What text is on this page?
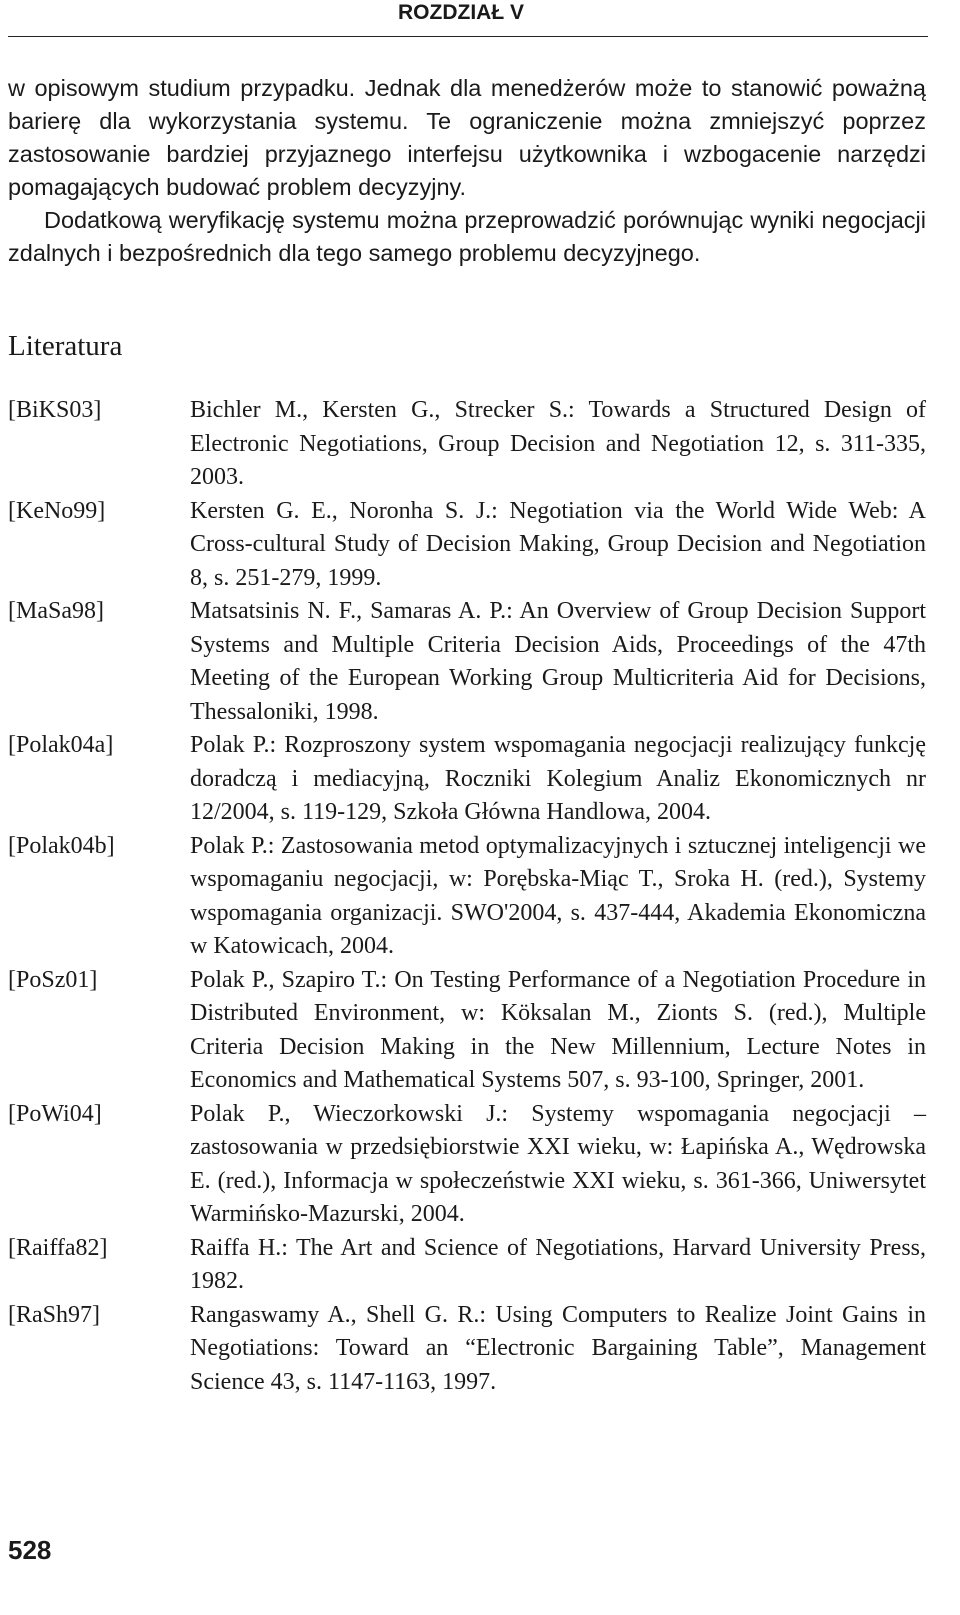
ROZDZIAŁ V

w opisowym studium przypadku. Jednak dla menedżerów może to stanowić poważną barierę dla wykorzystania systemu. Te ograniczenie można zmniejszyć poprzez zastosowanie bardziej przyjaznego interfejsu użytkownika i wzbogacenie narzędzi pomagających budować problem decyzyjny.

Dodatkową weryfikację systemu można przeprowadzić porównując wyniki negocjacji zdalnych i bezpośrednich dla tego samego problemu decyzyjnego.

Literatura
[BiKS03]	Bichler M., Kersten G., Strecker S.: Towards a Structured Design of Electronic Negotiations, Group Decision and Negotiation 12, s. 311-335, 2003.
[KeNo99]	Kersten G. E., Noronha S. J.: Negotiation via the World Wide Web: A Cross-cultural Study of Decision Making, Group Decision and Negotiation 8, s. 251-279, 1999.
[MaSa98]	Matsatsinis N. F., Samaras A. P.: An Overview of Group Decision Support Systems and Multiple Criteria Decision Aids, Proceedings of the 47th Meeting of the European Working Group Multicriteria Aid for Decisions, Thessaloniki, 1998.
[Polak04a]	Polak P.: Rozproszony system wspomagania negocjacji realizujący funkcję doradczą i mediacyjną, Roczniki Kolegium Analiz Ekonomicznych nr 12/2004, s. 119-129, Szkoła Główna Handlowa, 2004.
[Polak04b]	Polak P.: Zastosowania metod optymalizacyjnych i sztucznej inteligencji we wspomaganiu negocjacji, w: Porębska-Miąc T., Sroka H. (red.), Systemy wspomagania organizacji. SWO'2004, s. 437-444, Akademia Ekonomiczna w Katowicach, 2004.
[PoSz01]	Polak P., Szapiro T.: On Testing Performance of a Negotiation Procedure in Distributed Environment, w: Köksalan M., Zionts S. (red.), Multiple Criteria Decision Making in the New Millennium, Lecture Notes in Economics and Mathematical Systems 507, s. 93-100, Springer, 2001.
[PoWi04]	Polak P., Wieczorkowski J.: Systemy wspomagania negocjacji – zastosowania w przedsiębiorstwie XXI wieku, w: Łapińska A., Wędrowska E. (red.), Informacja w społeczeństwie XXI wieku, s. 361-366, Uniwersytet Warmińsko-Mazurski, 2004.
[Raiffa82]	Raiffa H.: The Art and Science of Negotiations, Harvard University Press, 1982.
[RaSh97]	Rangaswamy A., Shell G. R.: Using Computers to Realize Joint Gains in Negotiations: Toward an “Electronic Bargaining Table”, Management Science 43, s. 1147-1163, 1997.
528
